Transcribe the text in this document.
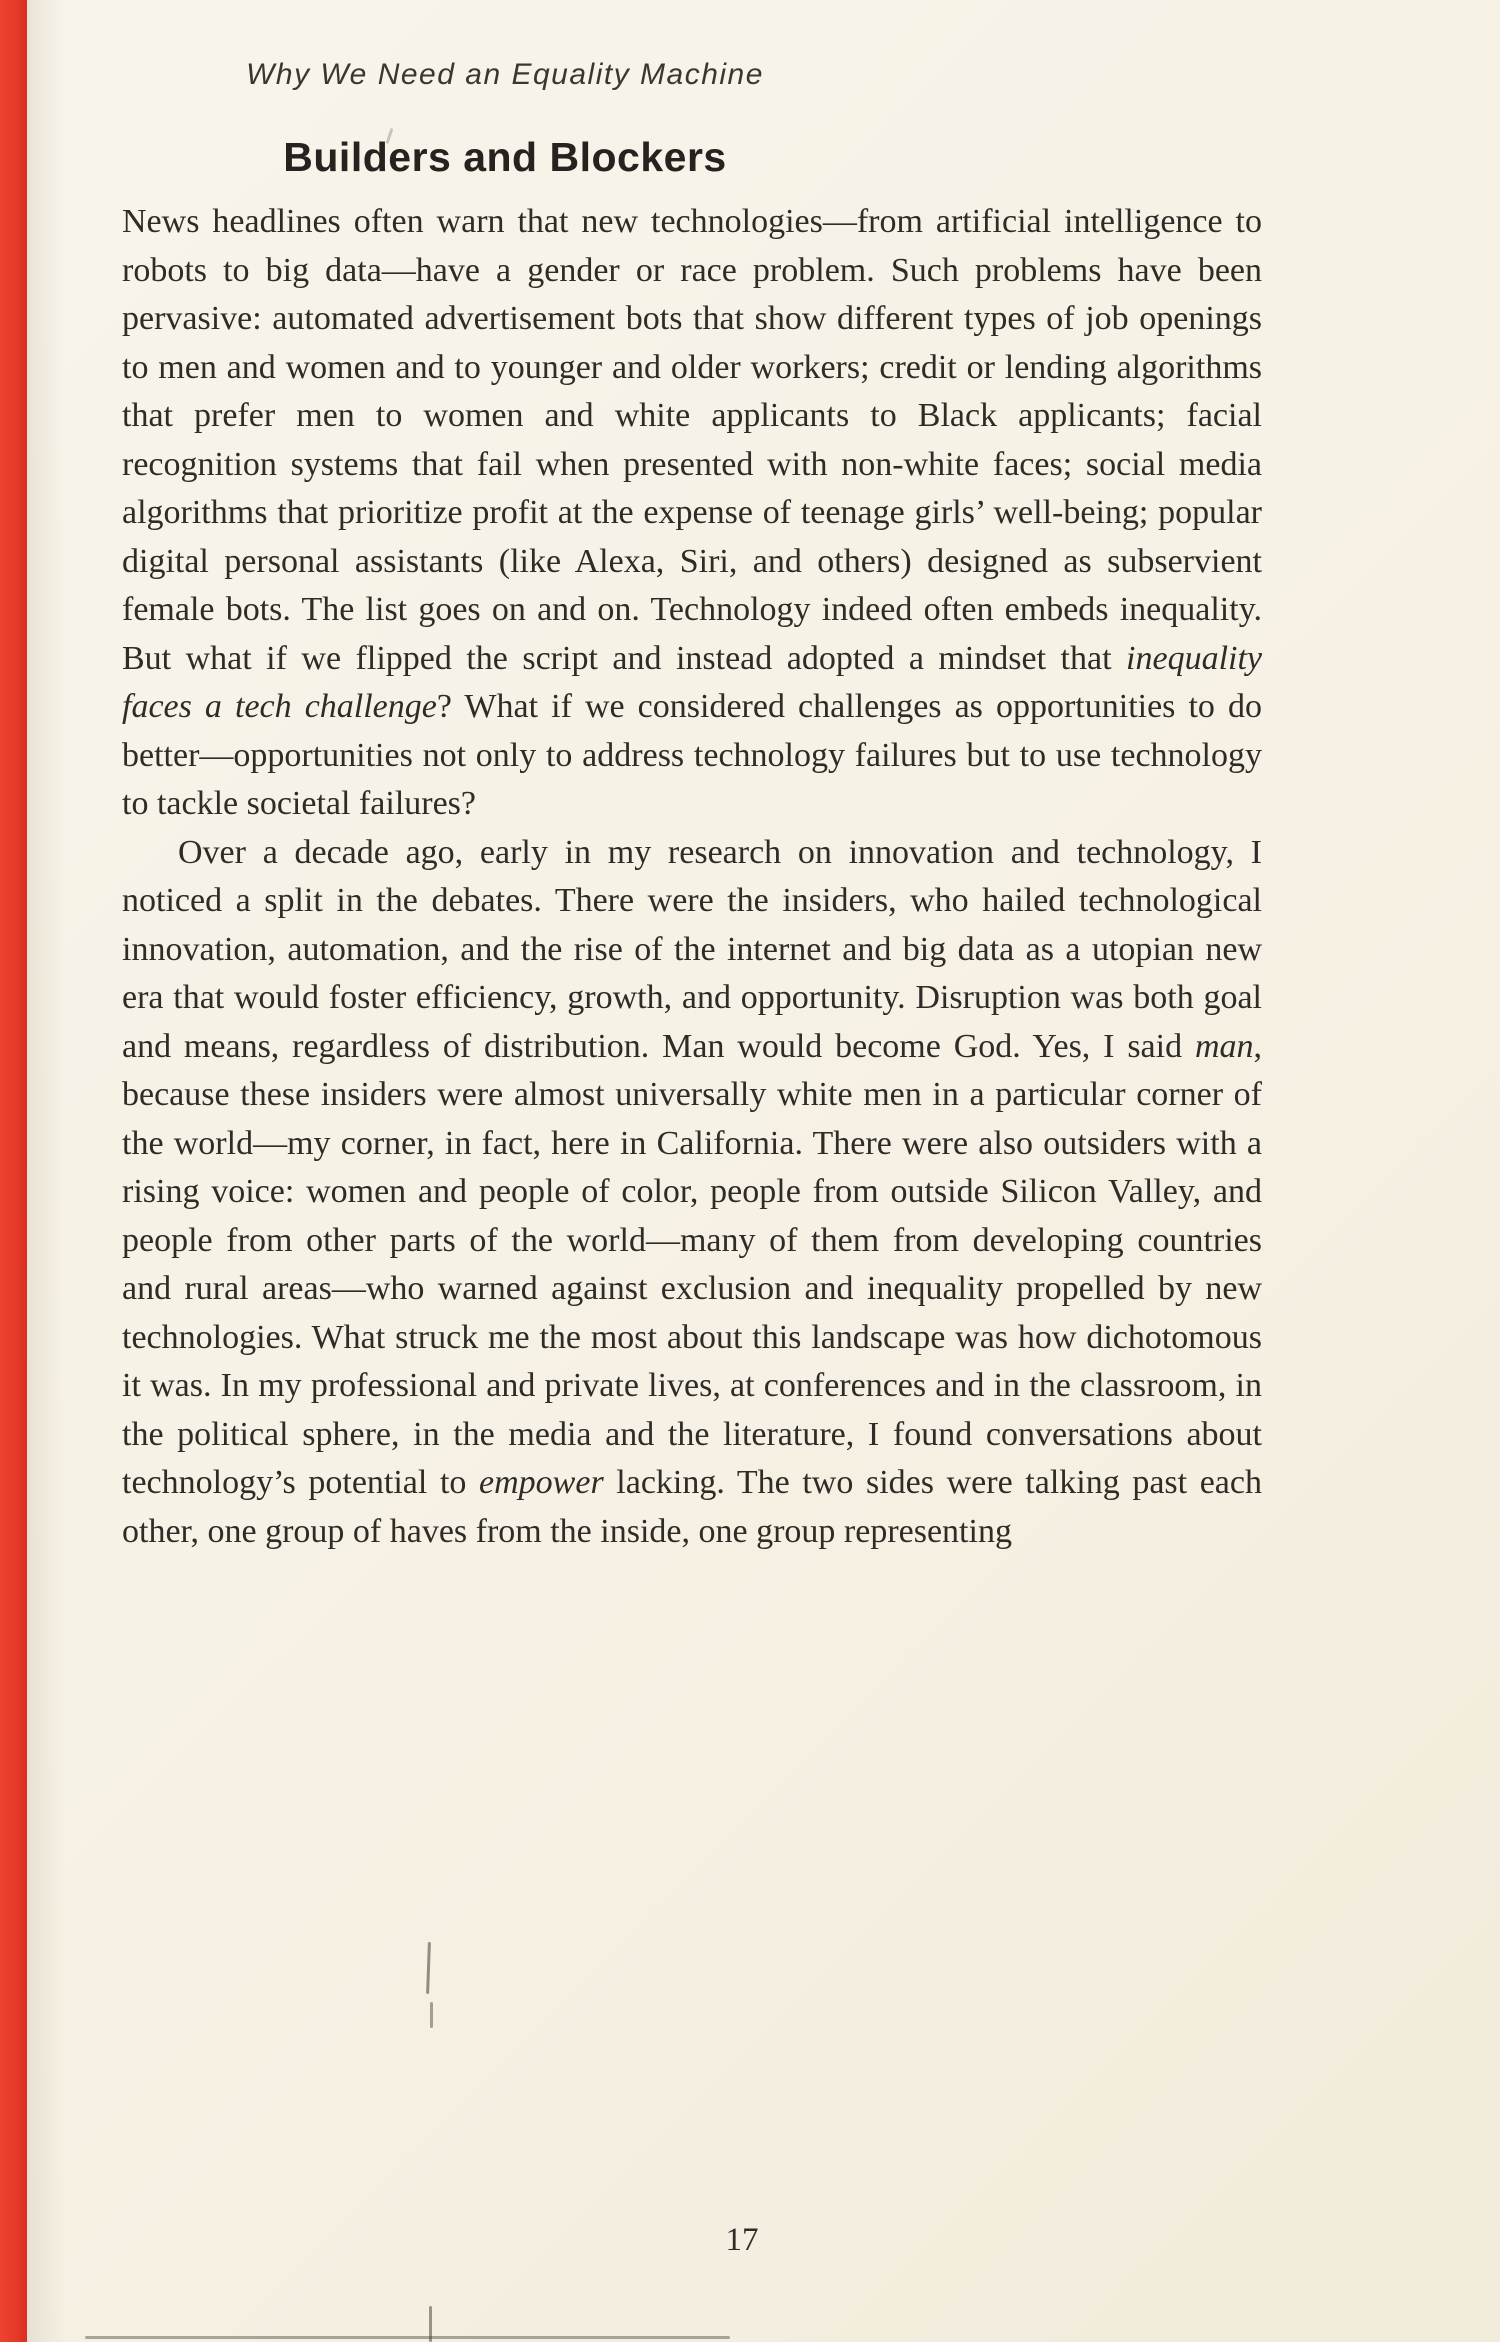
Why We Need an Equality Machine
Builders and Blockers

News headlines often warn that new technologies—from artificial intelligence to robots to big data—have a gender or race problem. Such problems have been pervasive: automated advertisement bots that show different types of job openings to men and women and to younger and older workers; credit or lending algorithms that prefer men to women and white applicants to Black applicants; facial recognition systems that fail when presented with non-white faces; social media algorithms that prioritize profit at the expense of teenage girls’ well-being; popular digital personal assistants (like Alexa, Siri, and others) designed as subservient female bots. The list goes on and on. Technology indeed often embeds inequality. But what if we flipped the script and instead adopted a mindset that inequality faces a tech challenge? What if we considered challenges as opportunities to do better—opportunities not only to address technology failures but to use technology to tackle societal failures?

Over a decade ago, early in my research on innovation and technology, I noticed a split in the debates. There were the insiders, who hailed technological innovation, automation, and the rise of the internet and big data as a utopian new era that would foster efficiency, growth, and opportunity. Disruption was both goal and means, regardless of distribution. Man would become God. Yes, I said man, because these insiders were almost universally white men in a particular corner of the world—my corner, in fact, here in California. There were also outsiders with a rising voice: women and people of color, people from outside Silicon Valley, and people from other parts of the world—many of them from developing countries and rural areas—who warned against exclusion and inequality propelled by new technologies. What struck me the most about this landscape was how dichotomous it was. In my professional and private lives, at conferences and in the classroom, in the political sphere, in the media and the literature, I found conversations about technology’s potential to empower lacking. The two sides were talking past each other, one group of haves from the inside, one group representing

17
